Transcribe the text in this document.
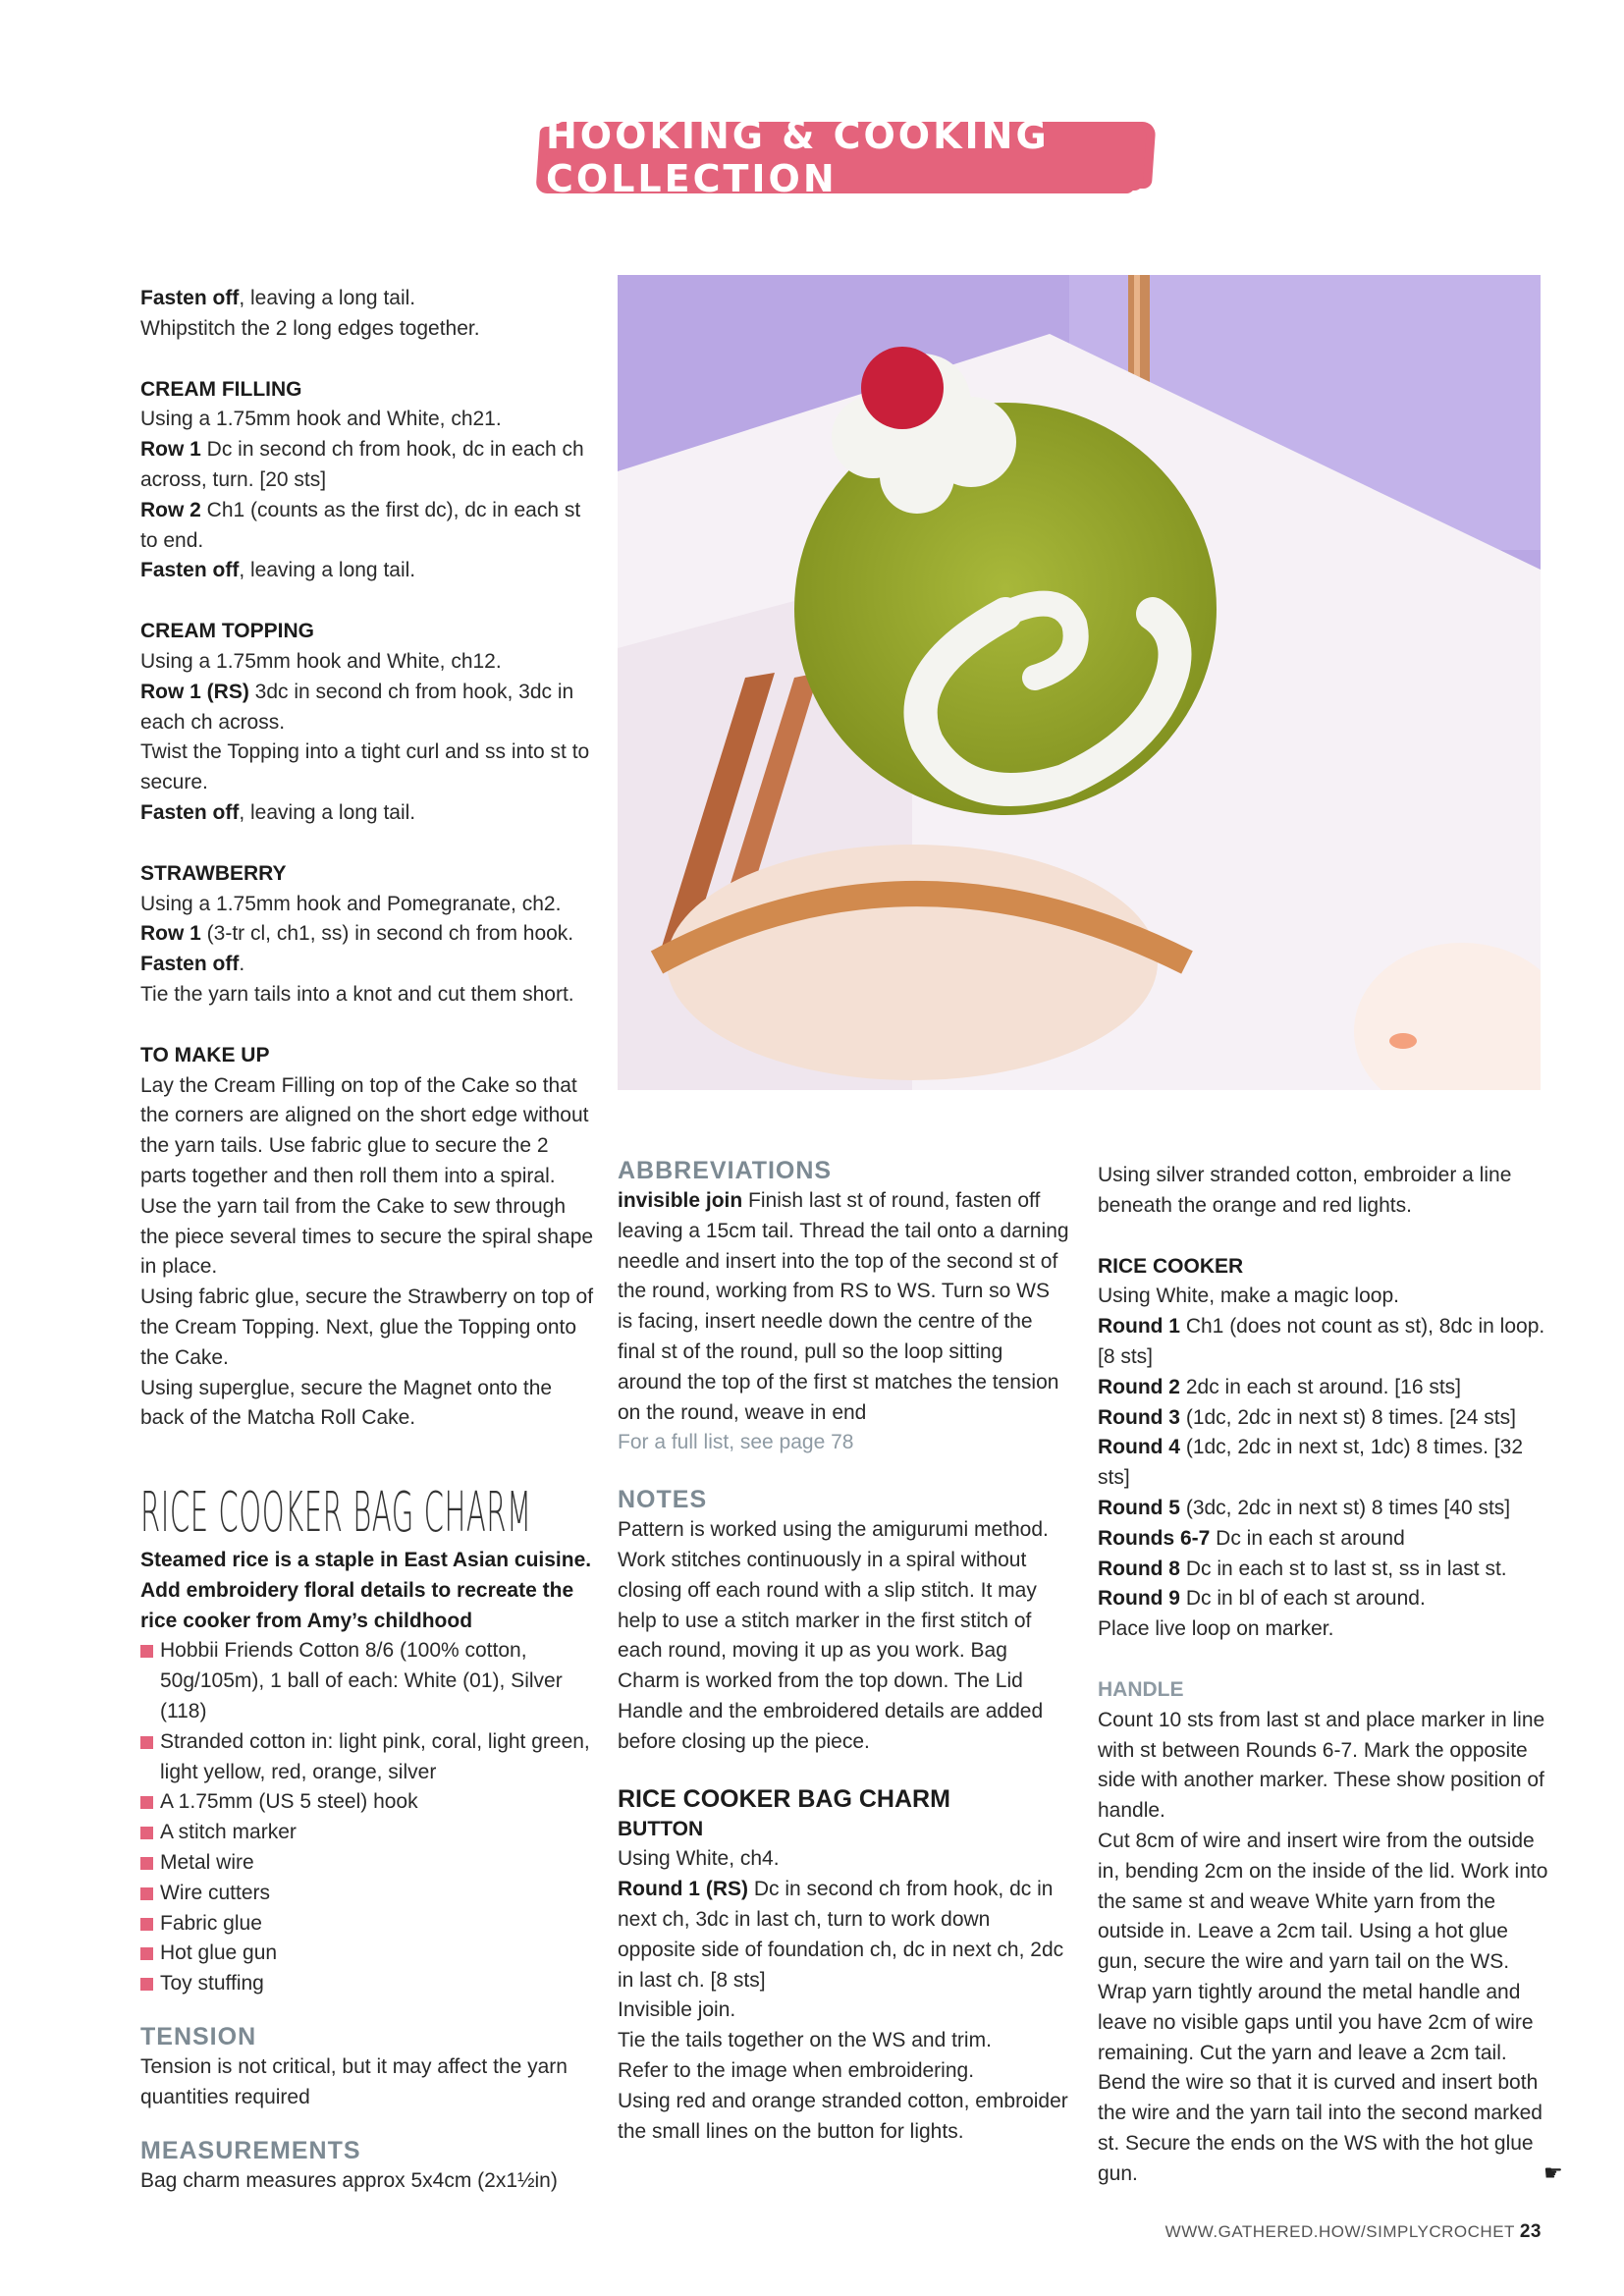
HOOKING & COOKING COLLECTION

Fasten off, leaving a long tail.

Whipstitch the 2 long edges together.

CREAM FILLING

Using a 1.75mm hook and White, ch21.

Row 1 Dc in second ch from hook, dc in each ch across, turn. [20 sts]

Row 2 Ch1 (counts as the first dc), dc in each st to end.

Fasten off, leaving a long tail.

CREAM TOPPING

Using a 1.75mm hook and White, ch12.

Row 1 (RS) 3dc in second ch from hook, 3dc in each ch across.

Twist the Topping into a tight curl and ss into st to secure.

Fasten off, leaving a long tail.

STRAWBERRY

Using a 1.75mm hook and Pomegranate, ch2.

Row 1 (3-tr cl, ch1, ss) in second ch from hook.

Fasten off.

Tie the yarn tails into a knot and cut them short.

TO MAKE UP

Lay the Cream Filling on top of the Cake so that the corners are aligned on the short edge without the yarn tails. Use fabric glue to secure the 2 parts together and then roll them into a spiral. Use the yarn tail from the Cake to sew through the piece several times to secure the spiral shape in place.

Using fabric glue, secure the Strawberry on top of the Cream Topping. Next, glue the Topping onto the Cake.

Using superglue, secure the Magnet onto the back of the Matcha Roll Cake.

RICE COOKER BAG CHARM

Steamed rice is a staple in East Asian cuisine. Add embroidery floral details to recreate the rice cooker from Amy’s childhood

Hobbii Friends Cotton 8/6 (100% cotton, 50g/105m), 1 ball of each: White (01), Silver (118)
Stranded cotton in: light pink, coral, light green, light yellow, red, orange, silver
A 1.75mm (US 5 steel) hook
A stitch marker
Metal wire
Wire cutters
Fabric glue
Hot glue gun
Toy stuffing

TENSION

Tension is not critical, but it may affect the yarn quantities required

MEASUREMENTS

Bag charm measures approx 5x4cm (2x1½in)

ABBREVIATIONS

invisible join Finish last st of round, fasten off leaving a 15cm tail. Thread the tail onto a darning needle and insert into the top of the second st of the round, working from RS to WS. Turn so WS is facing, insert needle down the centre of the final st of the round, pull so the loop sitting around the top of the first st matches the tension on the round, weave in end

For a full list, see page 78

NOTES

Pattern is worked using the amigurumi method. Work stitches continuously in a spiral without closing off each round with a slip stitch. It may help to use a stitch marker in the first stitch of each round, moving it up as you work. Bag Charm is worked from the top down. The Lid Handle and the embroidered details are added before closing up the piece.

RICE COOKER BAG CHARM

BUTTON

Using White, ch4.

Round 1 (RS) Dc in second ch from hook, dc in next ch, 3dc in last ch, turn to work down opposite side of foundation ch, dc in next ch, 2dc in last ch. [8 sts]

Invisible join.

Tie the tails together on the WS and trim.

Refer to the image when embroidering.

Using red and orange stranded cotton, embroider the small lines on the button for lights.

Using silver stranded cotton, embroider a line beneath the orange and red lights.

RICE COOKER

Using White, make a magic loop.

Round 1 Ch1 (does not count as st), 8dc in loop. [8 sts]

Round 2 2dc in each st around. [16 sts]

Round 3 (1dc, 2dc in next st) 8 times. [24 sts]

Round 4 (1dc, 2dc in next st, 1dc) 8 times. [32 sts]

Round 5 (3dc, 2dc in next st) 8 times [40 sts]

Rounds 6-7 Dc in each st around

Round 8 Dc in each st to last st, ss in last st.

Round 9 Dc in bl of each st around.

Place live loop on marker.

HANDLE

Count 10 sts from last st and place marker in line with st between Rounds 6-7. Mark the opposite side with another marker. These show position of handle.

Cut 8cm of wire and insert wire from the outside in, bending 2cm on the inside of the lid. Work into the same st and weave White yarn from the outside in. Leave a 2cm tail. Using a hot glue gun, secure the wire and yarn tail on the WS.

Wrap yarn tightly around the metal handle and leave no visible gaps until you have 2cm of wire remaining. Cut the yarn and leave a 2cm tail. Bend the wire so that it is curved and insert both the wire and the yarn tail into the second marked st. Secure the ends on the WS with the hot glue gun.	☛
WWW.GATHERED.HOW/SIMPLYCROCHET 23
